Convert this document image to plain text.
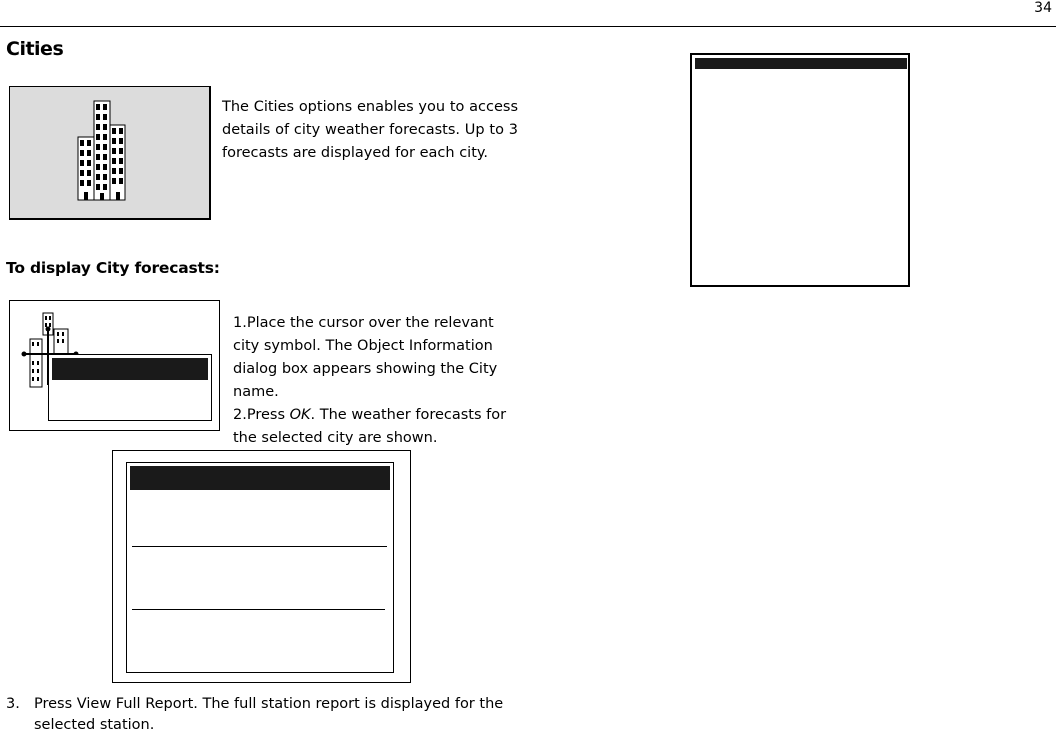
34
Cities
The Cities options enables you to access details of city weather forecasts. Up to 3 forecasts are displayed for each city.
To display City forecasts:
1.Place the cursor over the relevant city symbol. The Object Information dialog box appears showing the City name.
2.Press OK. The weather forecasts for the selected city are shown.
3. Press View Full Report. The full station report is displayed for the
selected station.
